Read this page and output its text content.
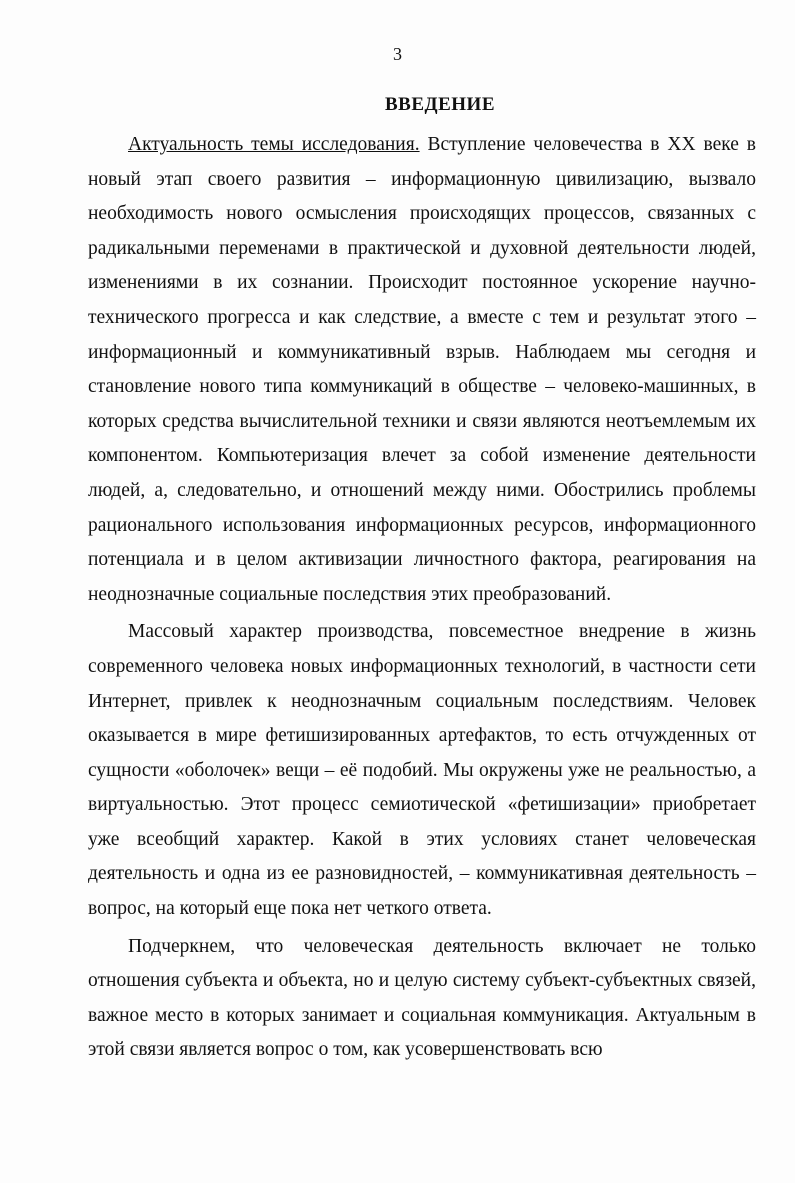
3
ВВЕДЕНИЕ

Актуальность темы исследования. Вступление человечества в XX веке в новый этап своего развития – информационную цивилизацию, вызвало необходимость нового осмысления происходящих процессов, связанных с радикальными переменами в практической и духовной деятельности людей, изменениями в их сознании. Происходит постоянное ускорение научно-технического прогресса и как следствие, а вместе с тем и результат этого – информационный и коммуникативный взрыв. Наблюдаем мы сегодня и становление нового типа коммуникаций в обществе – человеко-машинных, в которых средства вычислительной техники и связи являются неотъемлемым их компонентом. Компьютеризация влечет за собой изменение деятельности людей, а, следовательно, и отношений между ними. Обострились проблемы рационального использования информационных ресурсов, информационного потенциала и в целом активизации личностного фактора, реагирования на неоднозначные социальные последствия этих преобразований.

Массовый характер производства, повсеместное внедрение в жизнь современного человека новых информационных технологий, в частности сети Интернет, привлек к неоднозначным социальным последствиям. Человек оказывается в мире фетишизированных артефактов, то есть отчужденных от сущности «оболочек» вещи – её подобий. Мы окружены уже не реальностью, а виртуальностью. Этот процесс семиотической «фетишизации» приобретает уже всеобщий характер. Какой в этих условиях станет человеческая деятельность и одна из ее разновидностей, – коммуникативная деятельность – вопрос, на который еще пока нет четкого ответа.

Подчеркнем, что человеческая деятельность включает не только отношения субъекта и объекта, но и целую систему субъект-субъектных связей, важное место в которых занимает и социальная коммуникация. Актуальным в этой связи является вопрос о том, как усовершенствовать всю
